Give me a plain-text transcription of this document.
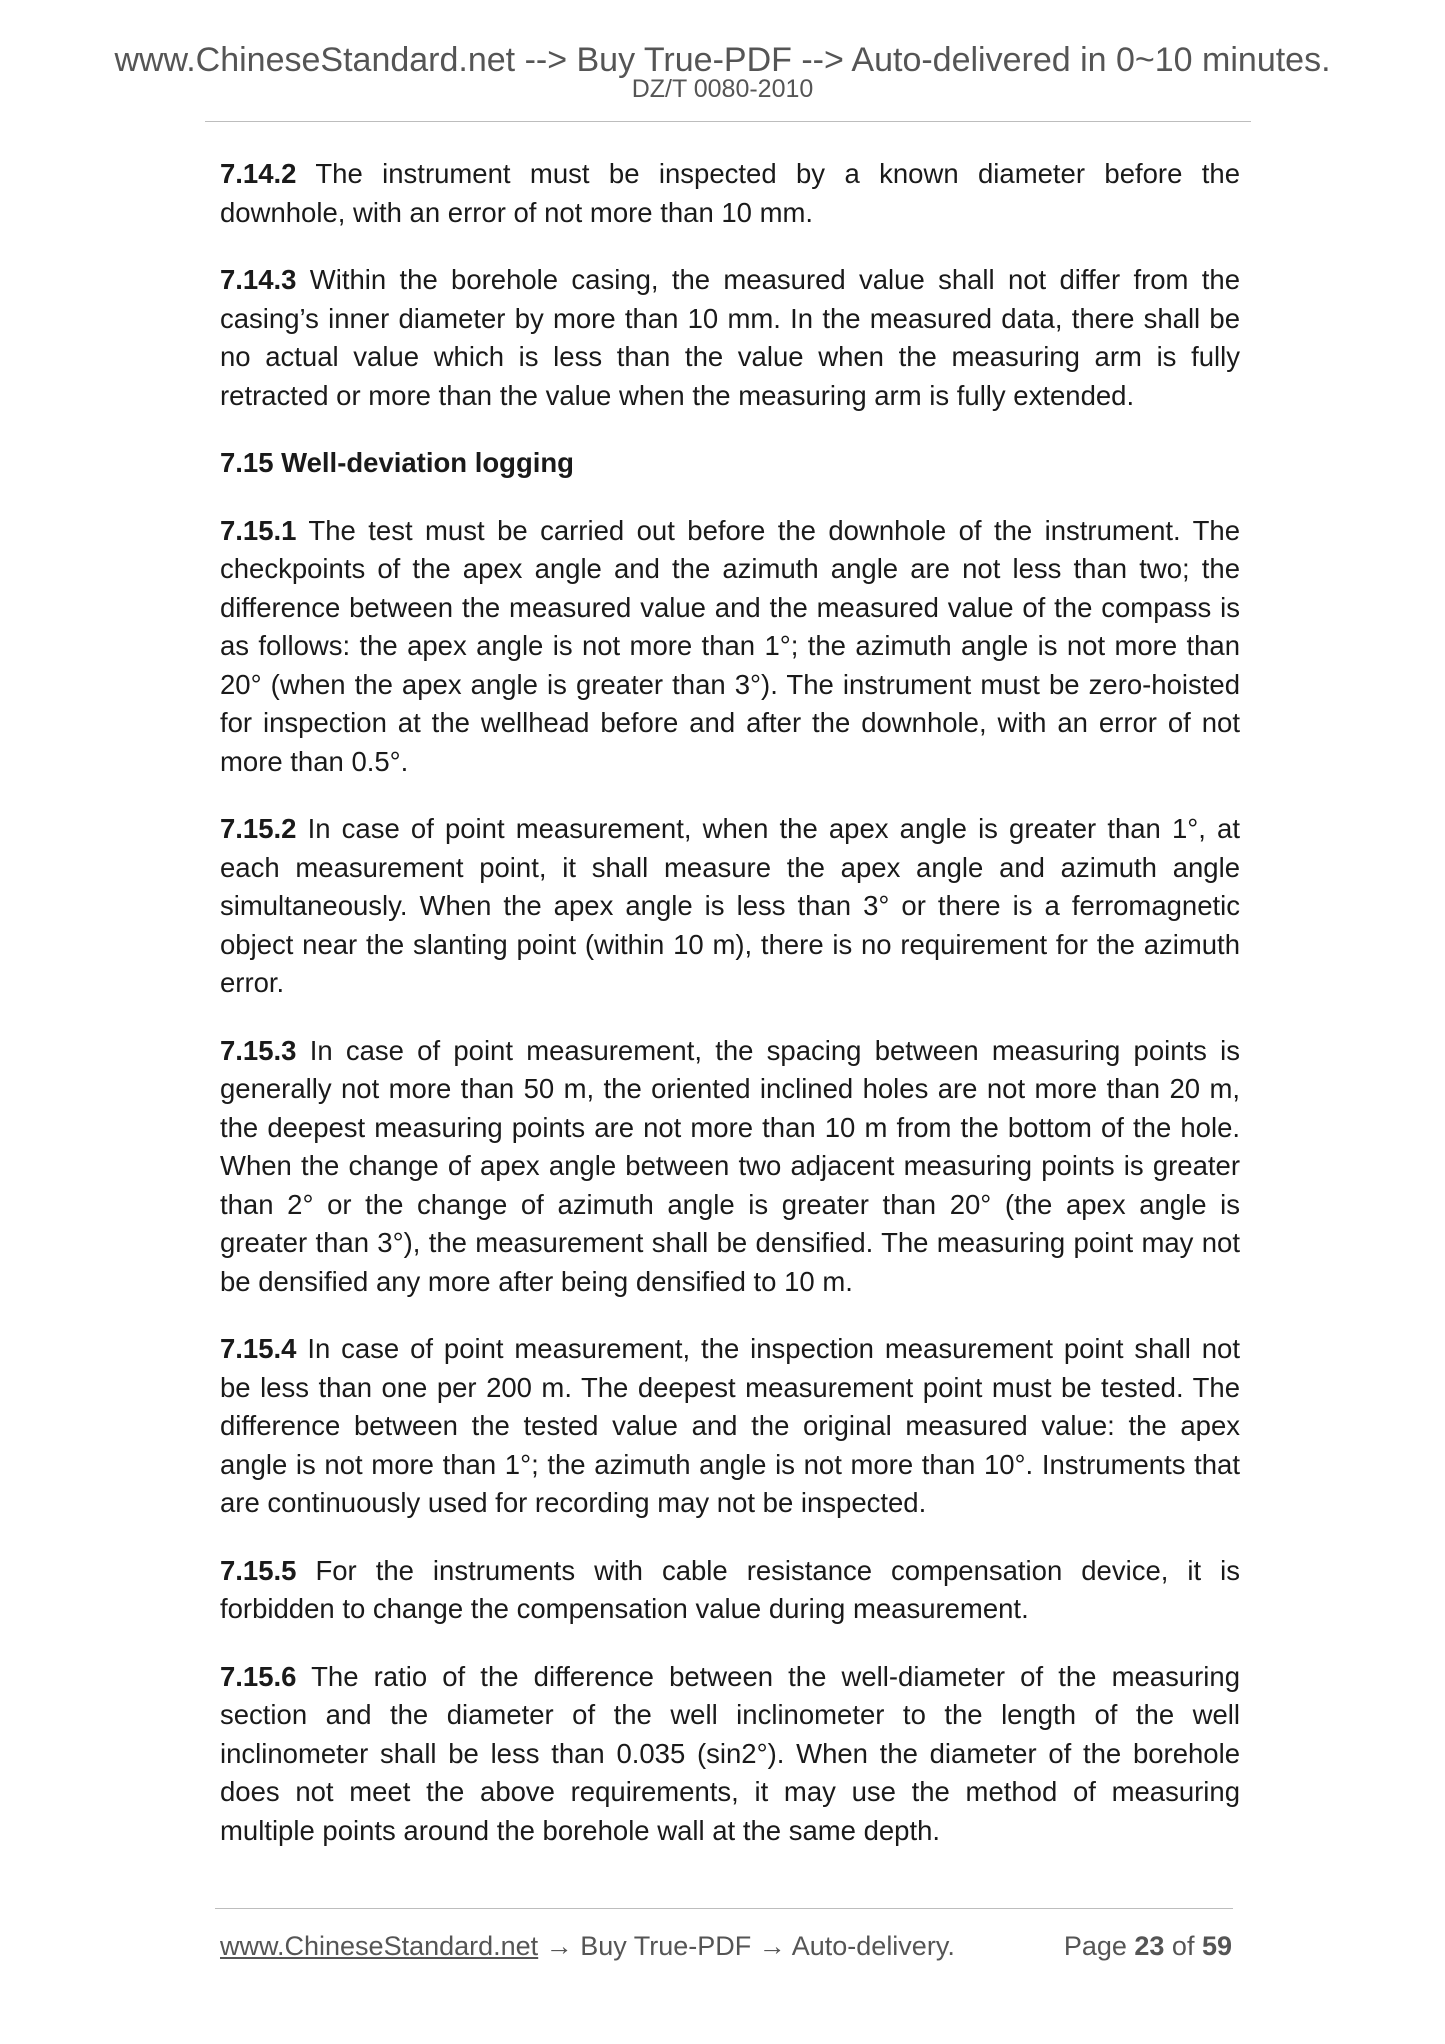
www.ChineseStandard.net --> Buy True-PDF --> Auto-delivered in 0~10 minutes.
DZ/T 0080-2010

7.14.2 The instrument must be inspected by a known diameter before the downhole, with an error of not more than 10 mm.

7.14.3 Within the borehole casing, the measured value shall not differ from the casing’s inner diameter by more than 10 mm. In the measured data, there shall be no actual value which is less than the value when the measuring arm is fully retracted or more than the value when the measuring arm is fully extended.

7.15 Well-deviation logging

7.15.1 The test must be carried out before the downhole of the instrument. The checkpoints of the apex angle and the azimuth angle are not less than two; the difference between the measured value and the measured value of the compass is as follows: the apex angle is not more than 1°; the azimuth angle is not more than 20° (when the apex angle is greater than 3°). The instrument must be zero-hoisted for inspection at the wellhead before and after the downhole, with an error of not more than 0.5°.

7.15.2 In case of point measurement, when the apex angle is greater than 1°, at each measurement point, it shall measure the apex angle and azimuth angle simultaneously. When the apex angle is less than 3° or there is a ferromagnetic object near the slanting point (within 10 m), there is no requirement for the azimuth error.

7.15.3 In case of point measurement, the spacing between measuring points is generally not more than 50 m, the oriented inclined holes are not more than 20 m, the deepest measuring points are not more than 10 m from the bottom of the hole. When the change of apex angle between two adjacent measuring points is greater than 2° or the change of azimuth angle is greater than 20° (the apex angle is greater than 3°), the measurement shall be densified. The measuring point may not be densified any more after being densified to 10 m.

7.15.4 In case of point measurement, the inspection measurement point shall not be less than one per 200 m. The deepest measurement point must be tested. The difference between the tested value and the original measured value: the apex angle is not more than 1°; the azimuth angle is not more than 10°. Instruments that are continuously used for recording may not be inspected.

7.15.5 For the instruments with cable resistance compensation device, it is forbidden to change the compensation value during measurement.

7.15.6 The ratio of the difference between the well-diameter of the measuring section and the diameter of the well inclinometer to the length of the well inclinometer shall be less than 0.035 (sin2°). When the diameter of the borehole does not meet the above requirements, it may use the method of measuring multiple points around the borehole wall at the same depth.

www.ChineseStandard.net → Buy True-PDF → Auto-delivery.	Page 23 of 59
